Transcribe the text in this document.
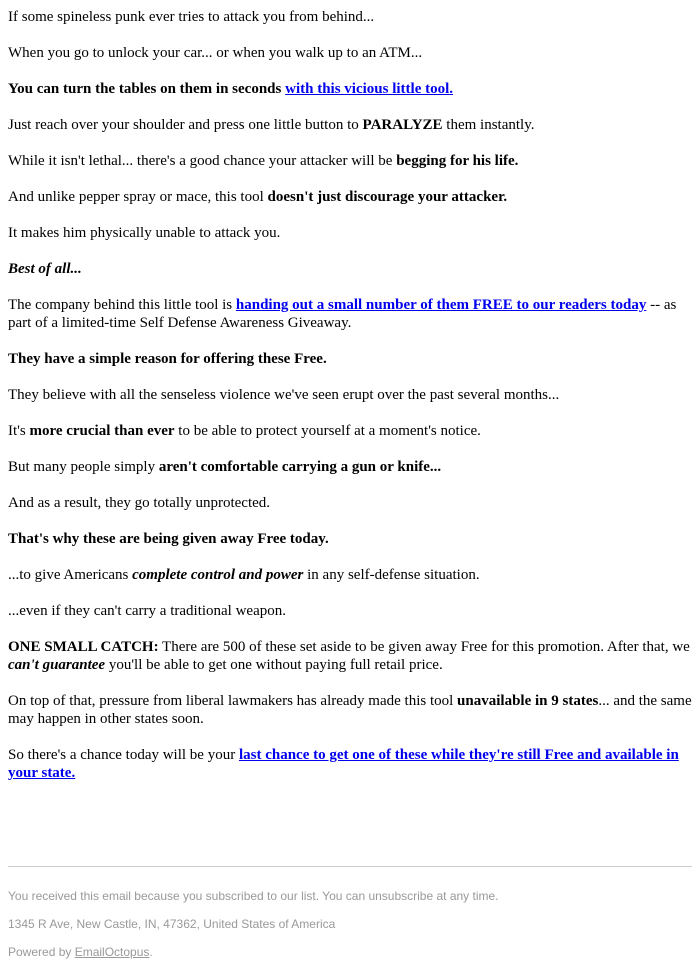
If some spineless punk ever tries to attack you from behind...

When you go to unlock your car... or when you walk up to an ATM...

You can turn the tables on them in seconds with this vicious little tool.

Just reach over your shoulder and press one little button to PARALYZE them instantly.

While it isn't lethal... there's a good chance your attacker will be begging for his life.

And unlike pepper spray or mace, this tool doesn't just discourage your attacker.

It makes him physically unable to attack you.

Best of all...

The company behind this little tool is handing out a small number of them FREE to our readers today -- as part of a limited-time Self Defense Awareness Giveaway.

They have a simple reason for offering these Free.

They believe with all the senseless violence we've seen erupt over the past several months...

It's more crucial than ever to be able to protect yourself at a moment's notice.

But many people simply aren't comfortable carrying a gun or knife...

And as a result, they go totally unprotected.

That's why these are being given away Free today.

...to give Americans complete control and power in any self-defense situation.

...even if they can't carry a traditional weapon.

ONE SMALL CATCH: There are 500 of these set aside to be given away Free for this promotion. After that, we can't guarantee you'll be able to get one without paying full retail price.

On top of that, pressure from liberal lawmakers has already made this tool unavailable in 9 states... and the same may happen in other states soon.

So there's a chance today will be your last chance to get one of these while they're still Free and available in your state.

You received this email because you subscribed to our list. You can unsubscribe at any time.

1345 R Ave, New Castle, IN, 47362, United States of America

Powered by EmailOctopus.
